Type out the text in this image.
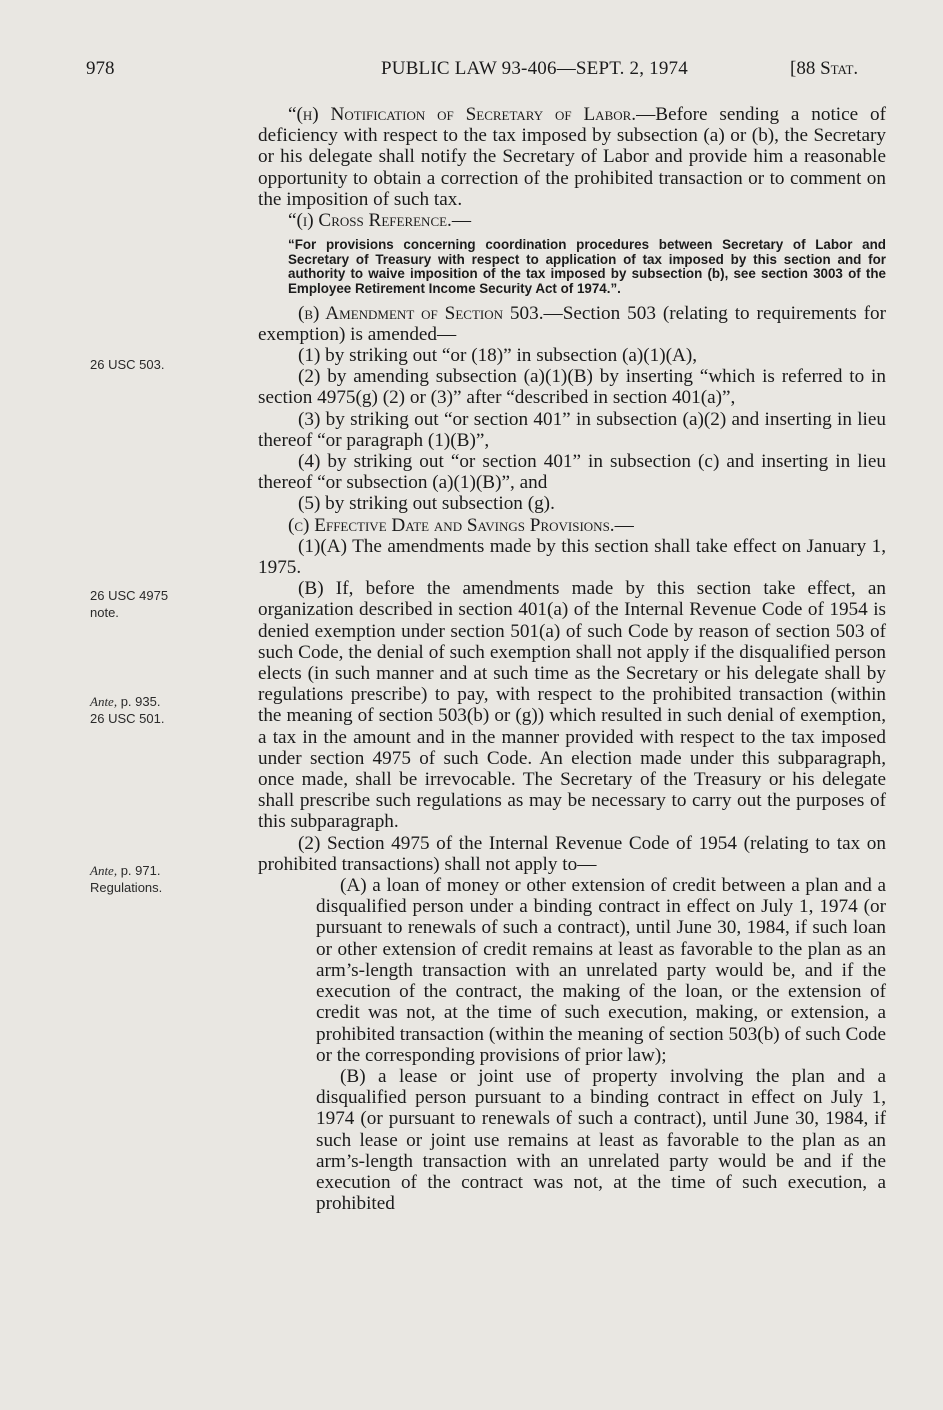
978	PUBLIC LAW 93-406—SEPT. 2, 1974	[88 Stat.
26 USC 503.
26 USC 4975
note.
Ante, p. 935.
26 USC 501.
Ante, p. 971.
Regulations.

“(h) Notification of Secretary of Labor.—Before sending a notice of deficiency with respect to the tax imposed by subsection (a) or (b), the Secretary or his delegate shall notify the Secretary of Labor and provide him a reasonable opportunity to obtain a correction of the prohibited transaction or to comment on the imposition of such tax.

“(i) Cross Reference.—

“For provisions concerning coordination procedures between Secretary of Labor and Secretary of Treasury with respect to application of tax imposed by this section and for authority to waive imposition of the tax imposed by subsection (b), see section 3003 of the Employee Retirement Income Security Act of 1974.”.

(b) Amendment of Section 503.—Section 503 (relating to requirements for exemption) is amended—

(1) by striking out “or (18)” in subsection (a)(1)(A),

(2) by amending subsection (a)(1)(B) by inserting “which is referred to in section 4975(g) (2) or (3)” after “described in section 401(a)”,

(3) by striking out “or section 401” in subsection (a)(2) and inserting in lieu thereof “or paragraph (1)(B)”,

(4) by striking out “or section 401” in subsection (c) and inserting in lieu thereof “or subsection (a)(1)(B)”, and

(5) by striking out subsection (g).

(c) Effective Date and Savings Provisions.—

(1)(A) The amendments made by this section shall take effect on January 1, 1975.

(B) If, before the amendments made by this section take effect, an organization described in section 401(a) of the Internal Revenue Code of 1954 is denied exemption under section 501(a) of such Code by reason of section 503 of such Code, the denial of such exemption shall not apply if the disqualified person elects (in such manner and at such time as the Secretary or his delegate shall by regulations prescribe) to pay, with respect to the prohibited transaction (within the meaning of section 503(b) or (g)) which resulted in such denial of exemption, a tax in the amount and in the manner provided with respect to the tax imposed under section 4975 of such Code. An election made under this subparagraph, once made, shall be irrevocable. The Secretary of the Treasury or his delegate shall prescribe such regulations as may be necessary to carry out the purposes of this subparagraph.

(2) Section 4975 of the Internal Revenue Code of 1954 (relating to tax on prohibited transactions) shall not apply to—

(A) a loan of money or other extension of credit between a plan and a disqualified person under a binding contract in effect on July 1, 1974 (or pursuant to renewals of such a contract), until June 30, 1984, if such loan or other extension of credit remains at least as favorable to the plan as an arm’s-length transaction with an unrelated party would be, and if the execution of the contract, the making of the loan, or the extension of credit was not, at the time of such execution, making, or extension, a prohibited transaction (within the meaning of section 503(b) of such Code or the corresponding provisions of prior law);

(B) a lease or joint use of property involving the plan and a disqualified person pursuant to a binding contract in effect on July 1, 1974 (or pursuant to renewals of such a contract), until June 30, 1984, if such lease or joint use remains at least as favorable to the plan as an arm’s-length transaction with an unrelated party would be and if the execution of the contract was not, at the time of such execution, a prohibited
